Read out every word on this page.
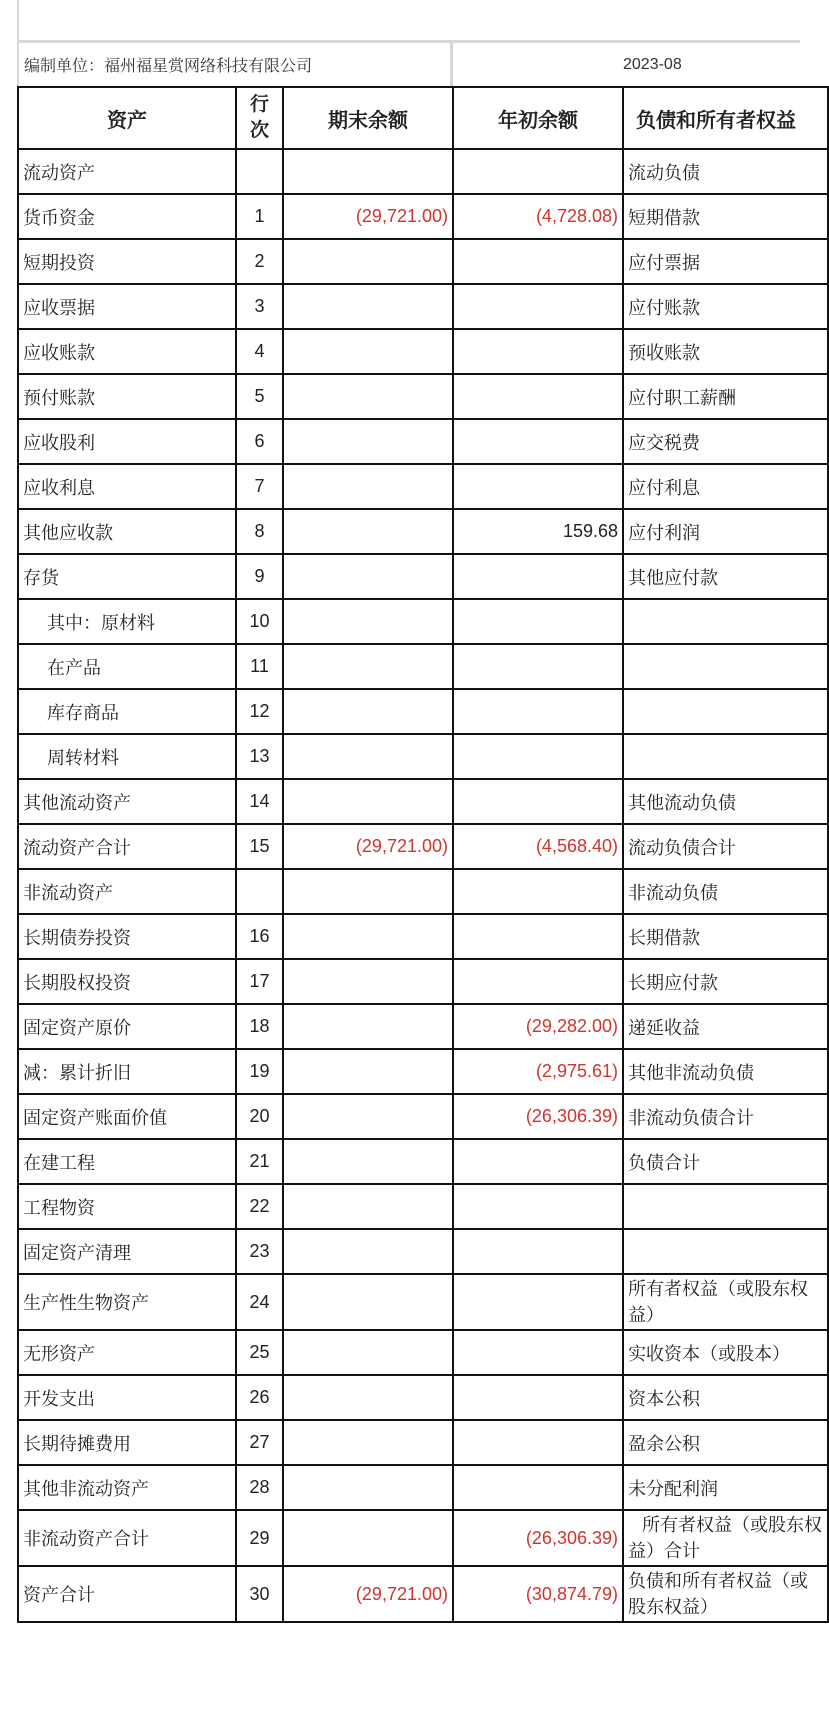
编制单位：福州福星赏网络科技有限公司	2023-08
资产	行次	期末余额	年初余额	负债和所有者权益
流动资产				流动负债
货币资金	1	(29,721.00)	(4,728.08)	短期借款
短期投资	2			应付票据
应收票据	3			应付账款
应收账款	4			预收账款
预付账款	5			应付职工薪酬
应收股利	6			应交税费
应收利息	7			应付利息
其他应收款	8		159.68	应付利润
存货	9			其他应付款
其中：原材料	10			
在产品	11			
库存商品	12			
周转材料	13			
其他流动资产	14			其他流动负债
流动资产合计	15	(29,721.00)	(4,568.40)	流动负债合计
非流动资产				非流动负债
长期债券投资	16			长期借款
长期股权投资	17			长期应付款
固定资产原价	18		(29,282.00)	递延收益
减：累计折旧	19		(2,975.61)	其他非流动负债
固定资产账面价值	20		(26,306.39)	非流动负债合计
在建工程	21			负债合计
工程物资	22			
固定资产清理	23			
生产性生物资产	24			所有者权益（或股东权益）
无形资产	25			实收资本（或股本）
开发支出	26			资本公积
长期待摊费用	27			盈余公积
其他非流动资产	28			未分配利润
非流动资产合计	29		(26,306.39)	所有者权益（或股东权益）合计
资产合计	30	(29,721.00)	(30,874.79)	负债和所有者权益（或股东权益）
